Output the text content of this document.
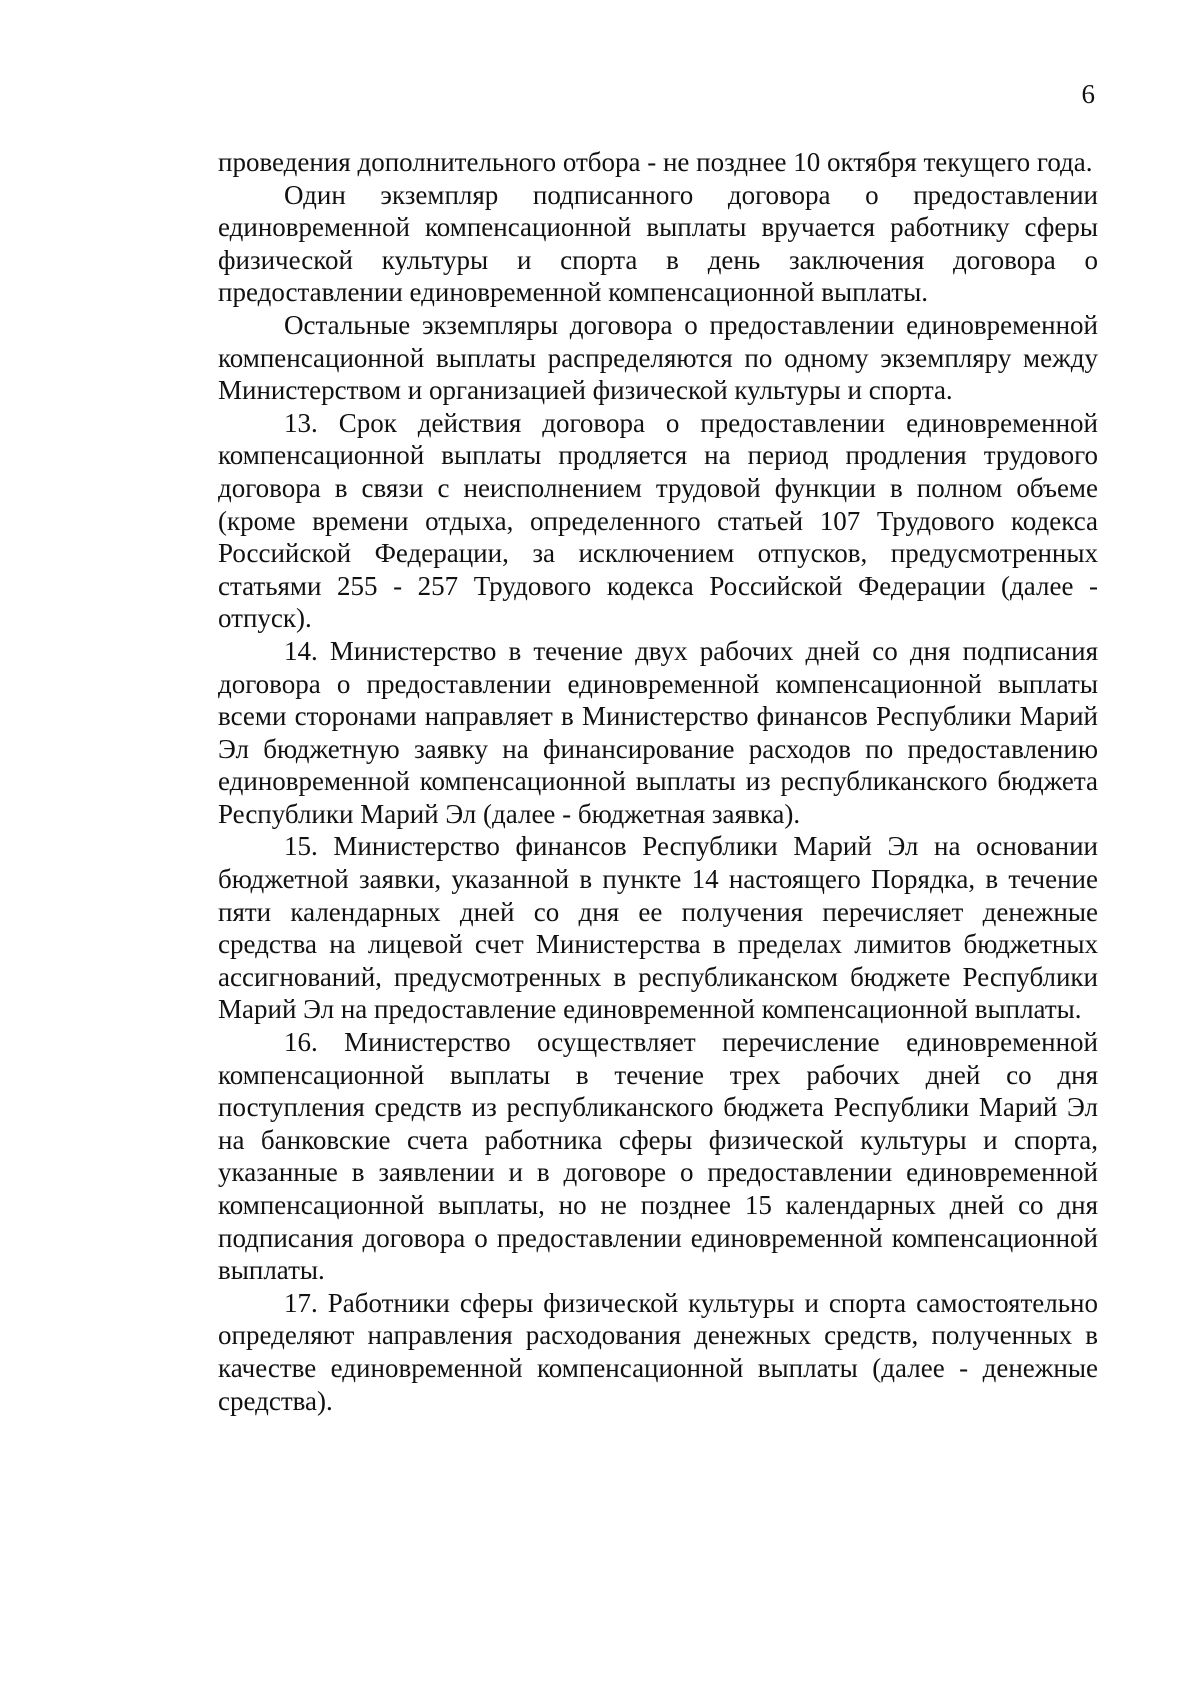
6

проведения дополнительного отбора - не позднее 10 октября текущего года.

Один экземпляр подписанного договора о предоставлении единовременной компенсационной выплаты вручается работнику сферы физической культуры и спорта в день заключения договора о предоставлении единовременной компенсационной выплаты.

Остальные экземпляры договора о предоставлении единовременной компенсационной выплаты распределяются по одному экземпляру между Министерством и организацией физической культуры и спорта.

13. Срок действия договора о предоставлении единовременной компенсационной выплаты продляется на период продления трудового договора в связи с неисполнением трудовой функции в полном объеме (кроме времени отдыха, определенного статьей 107 Трудового кодекса Российской Федерации, за исключением отпусков, предусмотренных статьями 255 - 257 Трудового кодекса Российской Федерации (далее - отпуск).

14. Министерство в течение двух рабочих дней со дня подписания договора о предоставлении единовременной компенсационной выплаты всеми сторонами направляет в Министерство финансов Республики Марий Эл бюджетную заявку на финансирование расходов по предоставлению единовременной компенсационной выплаты из республиканского бюджета Республики Марий Эл (далее - бюджетная заявка).

15. Министерство финансов Республики Марий Эл на основании бюджетной заявки, указанной в пункте 14 настоящего Порядка, в течение пяти календарных дней со дня ее получения перечисляет денежные средства на лицевой счет Министерства в пределах лимитов бюджетных ассигнований, предусмотренных в республиканском бюджете Республики Марий Эл на предоставление единовременной компенсационной выплаты.

16. Министерство осуществляет перечисление единовременной компенсационной выплаты в течение трех рабочих дней со дня поступления средств из республиканского бюджета Республики Марий Эл на банковские счета работника сферы физической культуры и спорта, указанные в заявлении и в договоре о предоставлении единовременной компенсационной выплаты, но не позднее 15 календарных дней со дня подписания договора о предоставлении единовременной компенсационной выплаты.

17. Работники сферы физической культуры и спорта самостоятельно определяют направления расходования денежных средств, полученных в качестве единовременной компенсационной выплаты (далее - денежные средства).
